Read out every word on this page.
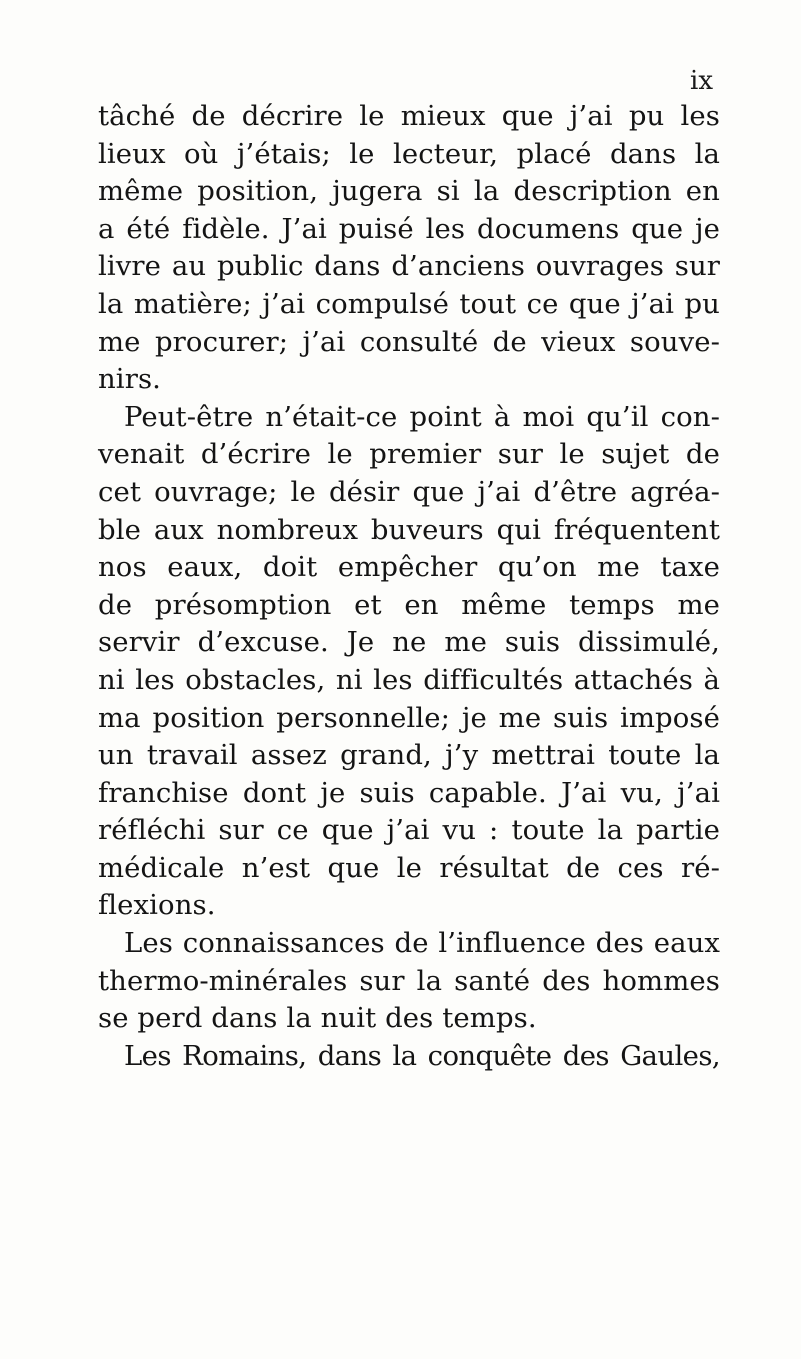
ix
tâché de décrire le mieux que j’ai pu les
lieux où j’étais; le lecteur, placé dans la
même position, jugera si la description en
a été fidèle. J’ai puisé les documens que je
livre au public dans d’anciens ouvrages sur
la matière; j’ai compulsé tout ce que j’ai pu
me procurer; j’ai consulté de vieux souve-
nirs.
Peut-être n’était-ce point à moi qu’il con-
venait d’écrire le premier sur le sujet de
cet ouvrage; le désir que j’ai d’être agréa-
ble aux nombreux buveurs qui fréquentent
nos eaux, doit empêcher qu’on me taxe
de présomption et en même temps me
servir d’excuse. Je ne me suis dissimulé,
ni les obstacles, ni les difficultés attachés à
ma position personnelle; je me suis imposé
un travail assez grand, j’y mettrai toute la
franchise dont je suis capable. J’ai vu, j’ai
réfléchi sur ce que j’ai vu : toute la partie
médicale n’est que le résultat de ces ré-
flexions.
Les connaissances de l’influence des eaux
thermo-minérales sur la santé des hommes
se perd dans la nuit des temps.
Les Romains, dans la conquête des Gaules,
